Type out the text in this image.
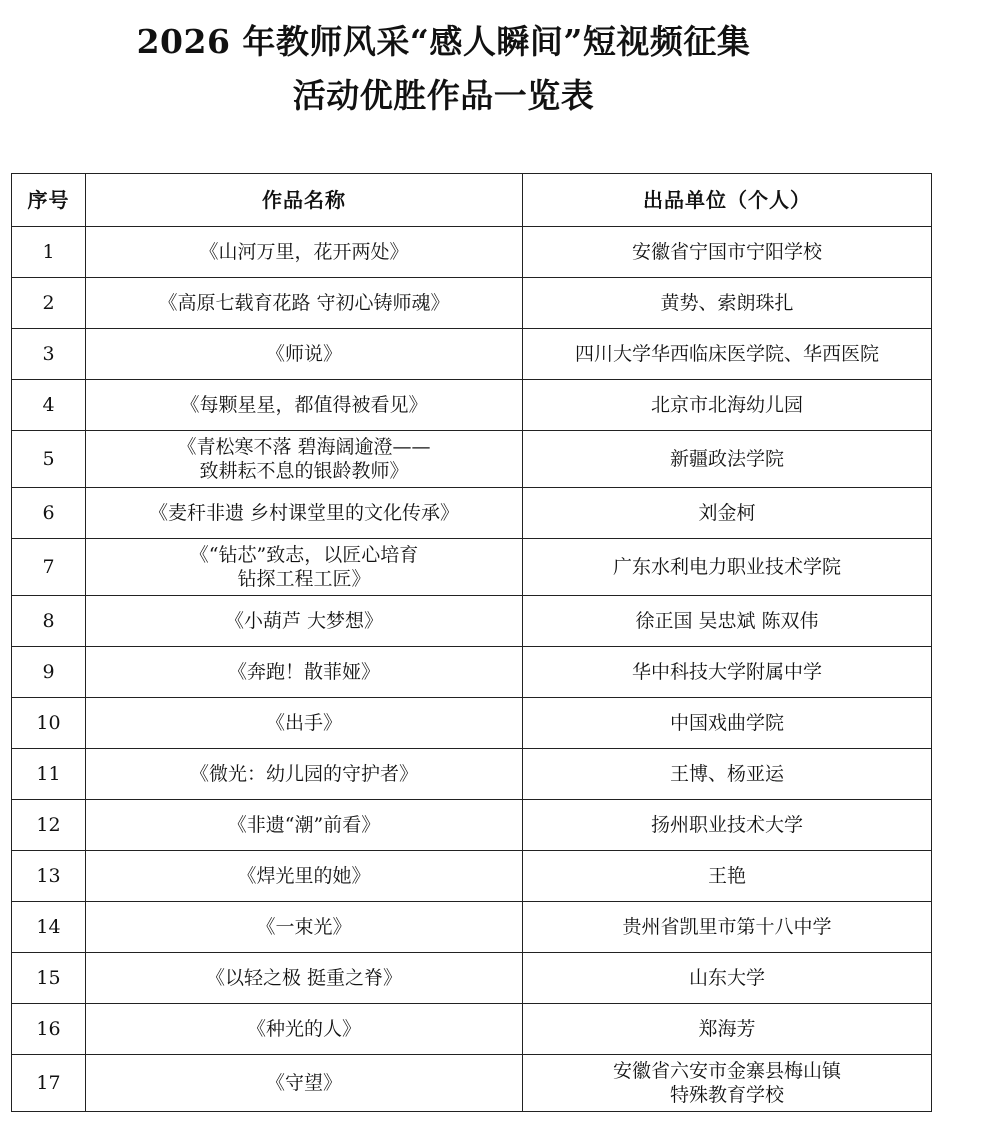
2026 年教师风采“感人瞬间”短视频征集
活动优胜作品一览表
序号	作品名称	出品单位（个人）
1	《山河万里，花开两处》	安徽省宁国市宁阳学校

2	《高原七载育花路 守初心铸师魂》	黄势、索朗珠扎

3	《师说》	四川大学华西临床医学院、华西医院

4	《每颗星星，都值得被看见》	北京市北海幼儿园

5	《青松寒不落 碧海阔逾澄——
致耕耘不息的银龄教师》	新疆政法学院

6	《麦秆非遗 乡村课堂里的文化传承》	刘金柯

7	《“钻芯”致志，以匠心培育
钻探工程工匠》	广东水利电力职业技术学院

8	《小葫芦 大梦想》	徐正国 吴忠斌 陈双伟

9	《奔跑！散菲娅》	华中科技大学附属中学

10	《出手》	中国戏曲学院

11	《微光：幼儿园的守护者》	王博、杨亚运

12	《非遗“潮”前看》	扬州职业技术大学

13	《焊光里的她》	王艳

14	《一束光》	贵州省凯里市第十八中学

15	《以轻之极 挺重之脊》	山东大学

16	《种光的人》	郑海芳

17	《守望》	安徽省六安市金寨县梅山镇
特殊教育学校
